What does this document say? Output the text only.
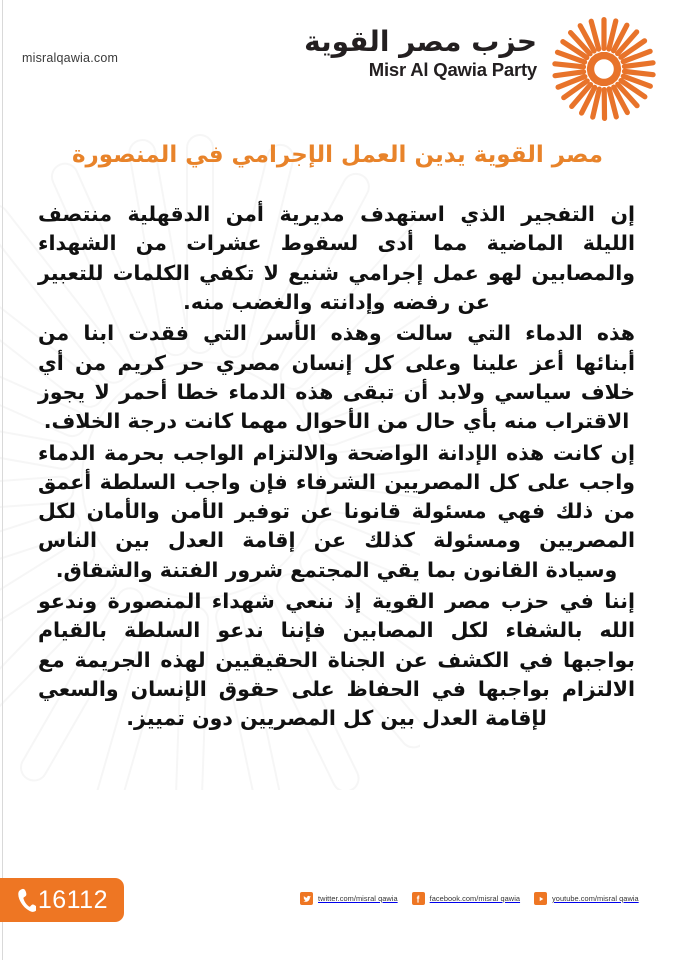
misralqawia.com	حزب مصر القوية
Misr Al Qawia Party
مصر القوية يدين العمل الإجرامي في المنصورة

إن التفجير الذي استهدف مديرية أمن الدقهلية منتصف الليلة الماضية مما أدى لسقوط عشرات من الشهداء والمصابين لهو عمل إجرامي شنيع لا تكفي الكلمات للتعبير عن رفضه وإدانته والغضب منه.

هذه الدماء التي سالت وهذه الأسر التي فقدت ابنا من أبنائها أعز علينا وعلى كل إنسان مصري حر كريم من أي خلاف سياسي ولابد أن تبقى هذه الدماء خطا أحمر لا يجوز الاقتراب منه بأي حال من الأحوال مهما كانت درجة الخلاف.

إن كانت هذه الإدانة الواضحة والالتزام الواجب بحرمة الدماء واجب على كل المصريين الشرفاء فإن واجب السلطة أعمق من ذلك فهي مسئولة قانونا عن توفير الأمن والأمان لكل المصريين ومسئولة كذلك عن إقامة العدل بين الناس وسيادة القانون بما يقي المجتمع شرور الفتنة والشقاق.

إننا في حزب مصر القوية إذ ننعي شهداء المنصورة وندعو الله بالشفاء لكل المصابين فإننا ندعو السلطة بالقيام بواجبها في الكشف عن الجناة الحقيقيين لهذه الجريمة مع الالتزام بواجبها في الحفاظ على حقوق الإنسان والسعي لإقامة العدل بين كل المصريين دون تمييز.

16112	twitter.com/misral qawia	facebook.com/misral qawia	youtube.com/misral qawia
